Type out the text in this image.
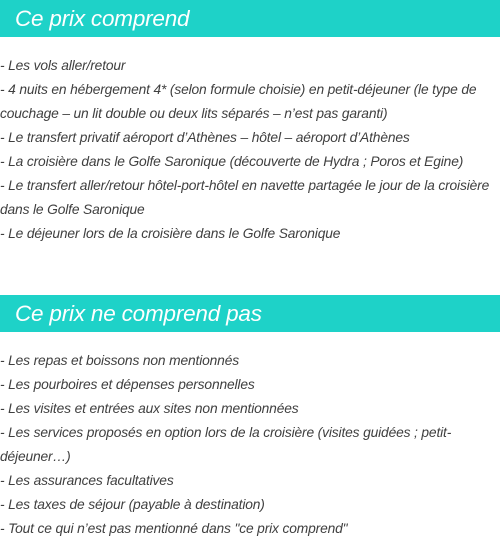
Ce prix comprend
- Les vols aller/retour
- 4 nuits en hébergement 4* (selon formule choisie) en petit-déjeuner (le type de couchage – un lit double ou deux lits séparés – n’est pas garanti)
- Le transfert privatif aéroport d’Athènes – hôtel – aéroport d’Athènes
- La croisière dans le Golfe Saronique (découverte de Hydra ; Poros et Egine)
- Le transfert aller/retour hôtel-port-hôtel en navette partagée le jour de la croisière dans le Golfe Saronique
- Le déjeuner lors de la croisière dans le Golfe Saronique
Ce prix ne comprend pas
- Les repas et boissons non mentionnés
- Les pourboires et dépenses personnelles
- Les visites et entrées aux sites non mentionnées
- Les services proposés en option lors de la croisière (visites guidées ; petit-déjeuner…)
- Les assurances facultatives
- Les taxes de séjour (payable à destination)
- Tout ce qui n’est pas mentionné dans "ce prix comprend"
